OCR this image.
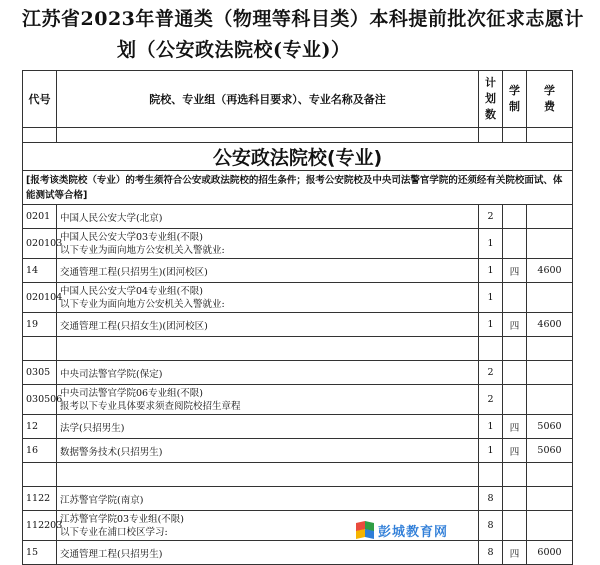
江苏省2023年普通类（物理等科目类）本科提前批次征求志愿计
划（公安政法院校(专业)）
代号	院校、专业组（再选科目要求）、专业名称及备注	计划数	学制	学费

公安政法院校(专业)				
[报考该类院校（专业）的考生须符合公安或政法院校的招生条件；报考公安院校及中央司法警官学院的还须经有关院校面试、体能测试等合格]				
0201	中国人民公安大学(北京)	2		
020103	中国人民公安大学03专业组(不限)
以下专业为面向地方公安机关入警就业:	1		
14	交通管理工程(只招男生)(团河校区)	1	四	4600
020104	中国人民公安大学04专业组(不限)
以下专业为面向地方公安机关入警就业:	1		
19	交通管理工程(只招女生)(团河校区)	1	四	4600

0305	中央司法警官学院(保定)	2		
030506	中央司法警官学院06专业组(不限)
报考以下专业具体要求须查阅院校招生章程	2		
12	法学(只招男生)	1	四	5060
16	数据警务技术(只招男生)	1	四	5060

1122	江苏警官学院(南京)	8		
112203	江苏警官学院03专业组(不限)
以下专业在浦口校区学习:	8		
15	交通管理工程(只招男生)	8	四	6000
彭城教育网
